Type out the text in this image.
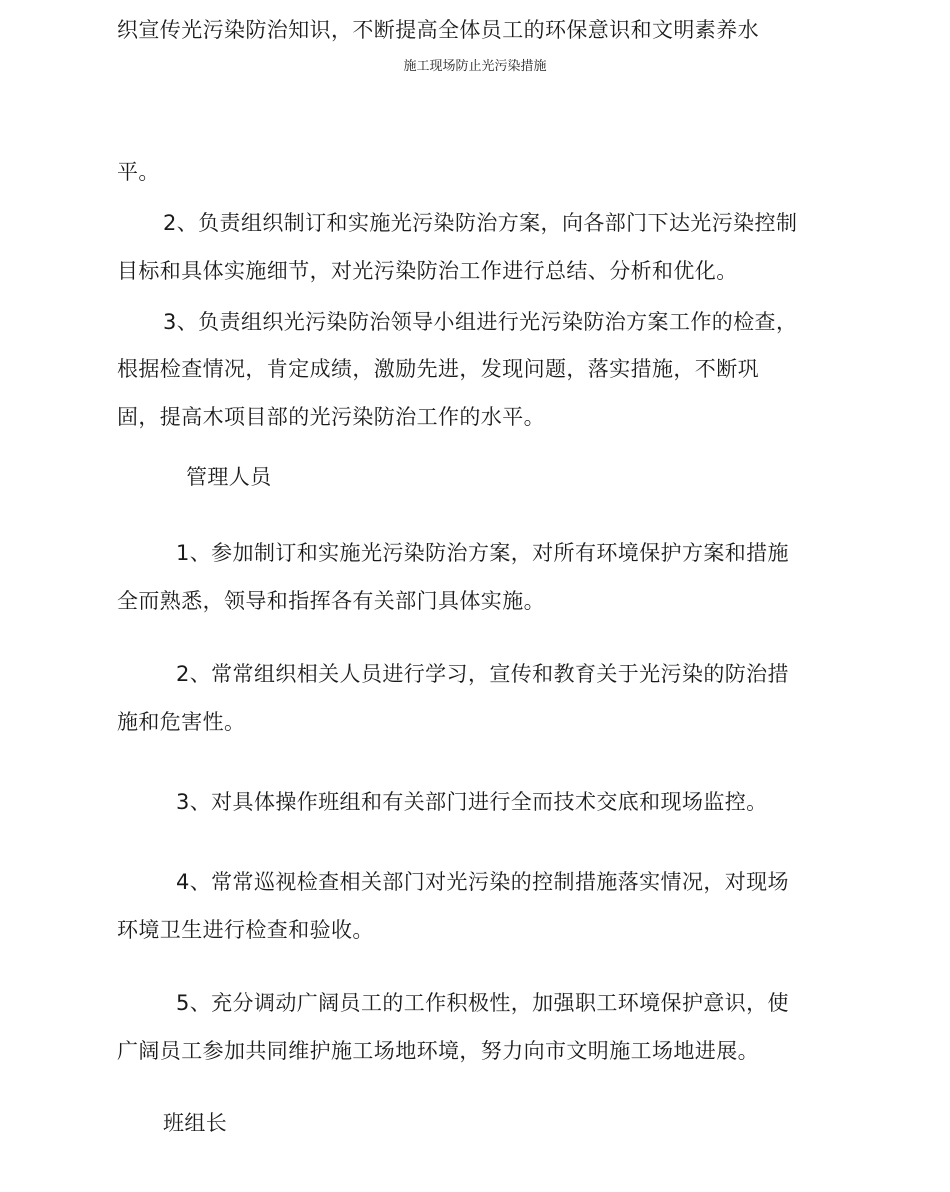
织宣传光污染防治知识，不断提高全体员工的环保意识和文明素养水
施工现场防止光污染措施
平。
2、负责组织制订和实施光污染防治方案，向各部门下达光污染控制
目标和具体实施细节，对光污染防治工作进行总结、分析和优化。
3、负责组织光污染防治领导小组进行光污染防治方案工作的检查，
根据检查情况，肯定成绩，激励先进，发现问题，落实措施，不断巩
固，提高木项目部的光污染防治工作的水平。
管理人员
1、参加制订和实施光污染防治方案，对所有环境保护方案和措施
全而熟悉，领导和指挥各有关部门具体实施。
2、常常组织相关人员进行学习，宣传和教育关于光污染的防治措
施和危害性。
3、对具体操作班组和有关部门进行全而技术交底和现场监控。
4、常常巡视检查相关部门对光污染的控制措施落实情况，对现场
环境卫生进行检查和验收。
5、充分调动广阔员工的工作积极性，加强职工环境保护意识，使
广阔员工参加共同维护施工场地环境，努力向市文明施工场地进展。
班组长
